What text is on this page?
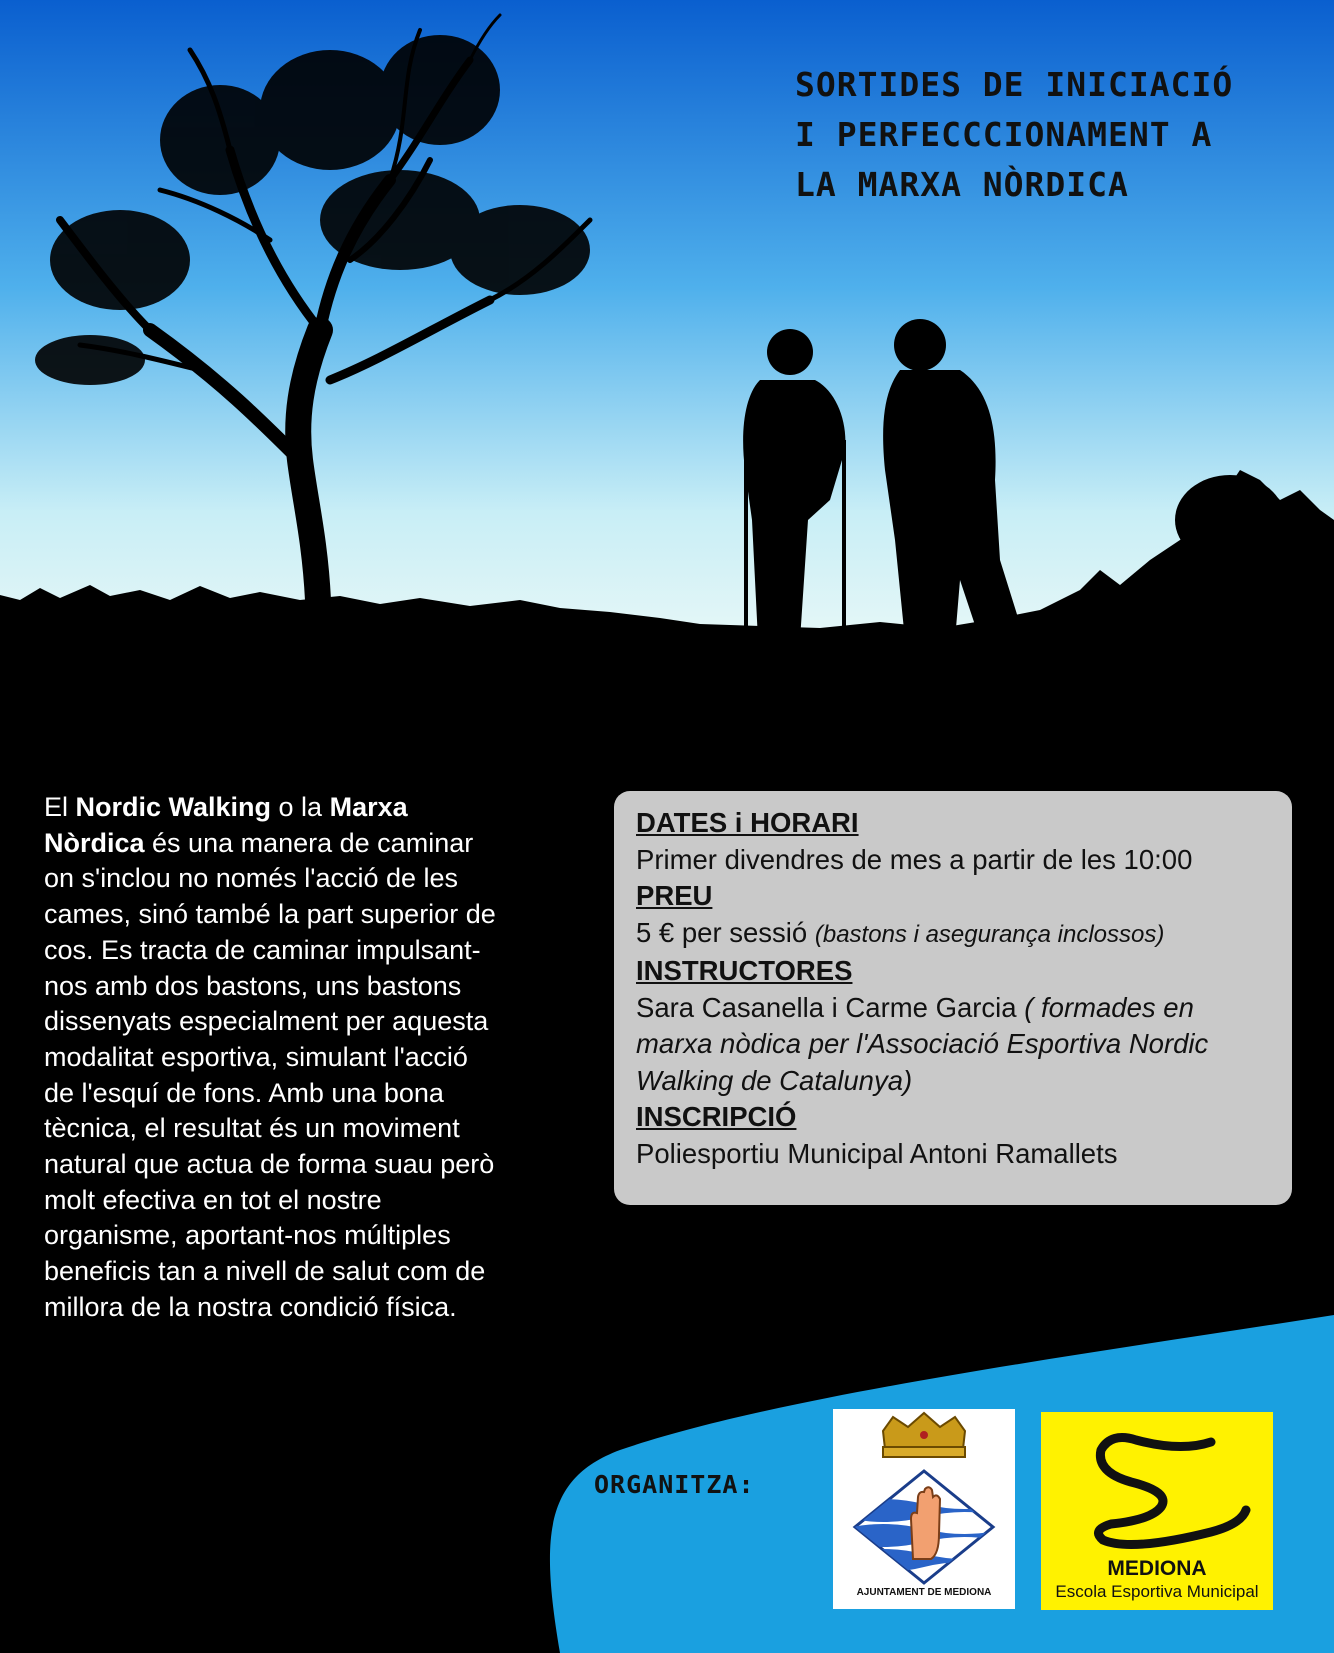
SORTIDES DE INICIACIÓ
I PERFECCCIONAMENT A
LA MARXA NÒRDICA
El Nordic Walking o la Marxa Nòrdica és una manera de caminar on s'inclou no només l'acció de les cames, sinó també la part superior de cos. Es tracta de caminar impulsant-nos amb dos bastons, uns bastons dissenyats especialment per aquesta modalitat esportiva, simulant l'acció de l'esquí de fons. Amb una bona tècnica, el resultat és un moviment natural que actua de forma suau però molt efectiva en tot el nostre organisme, aportant-nos múltiples beneficis tan a nivell de salut com de millora de la nostra condició física.
DATES i HORARI
Primer divendres de mes a partir de les 10:00
PREU
5 € per sessió (bastons i asegurança inclossos)
INSTRUCTORES
Sara Casanella i Carme Garcia ( formades en marxa nòdica per l'Associació Esportiva Nordic Walking de Catalunya)
INSCRIPCIÓ
Poliesportiu Municipal Antoni Ramallets
ORGANITZA:
AJUNTAMENT DE MEDIONA
MEDIONA
Escola Esportiva Municipal
